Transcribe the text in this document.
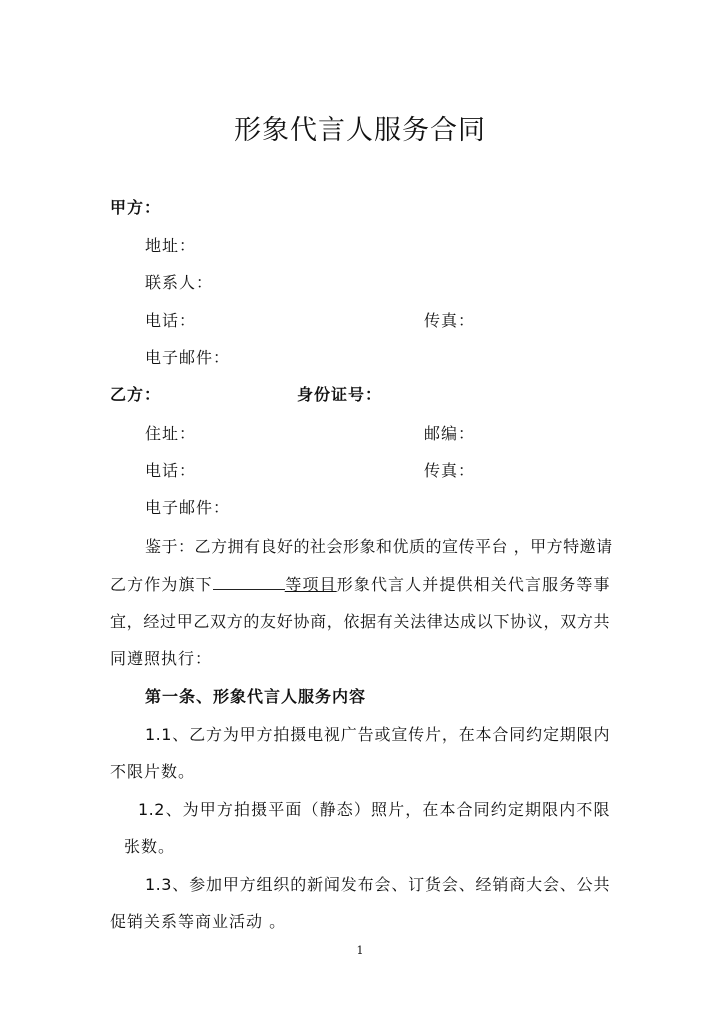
形象代言人服务合同
甲方：
地址：
联系人：
电话：	传真：
电子邮件：
乙方：	身份证号：
住址：	邮编：
电话：	传真：
电子邮件：
鉴于：乙方拥有良好的社会形象和优质的宣传平台 ，甲方特邀请
乙方作为旗下	等项目形象代言人并提供相关代言服务等事
宜，经过甲乙双方的友好协商，依据有关法律达成以下协议，双方共
同遵照执行：
第一条、形象代言人服务内容
1.1、乙方为甲方拍摄电视广告或宣传片，在本合同约定期限内
不限片数。
1.2、为甲方拍摄平面（静态）照片，在本合同约定期限内不限
张数。
1.3、参加甲方组织的新闻发布会、订货会、经销商大会、公共
促销关系等商业活动 。
1
